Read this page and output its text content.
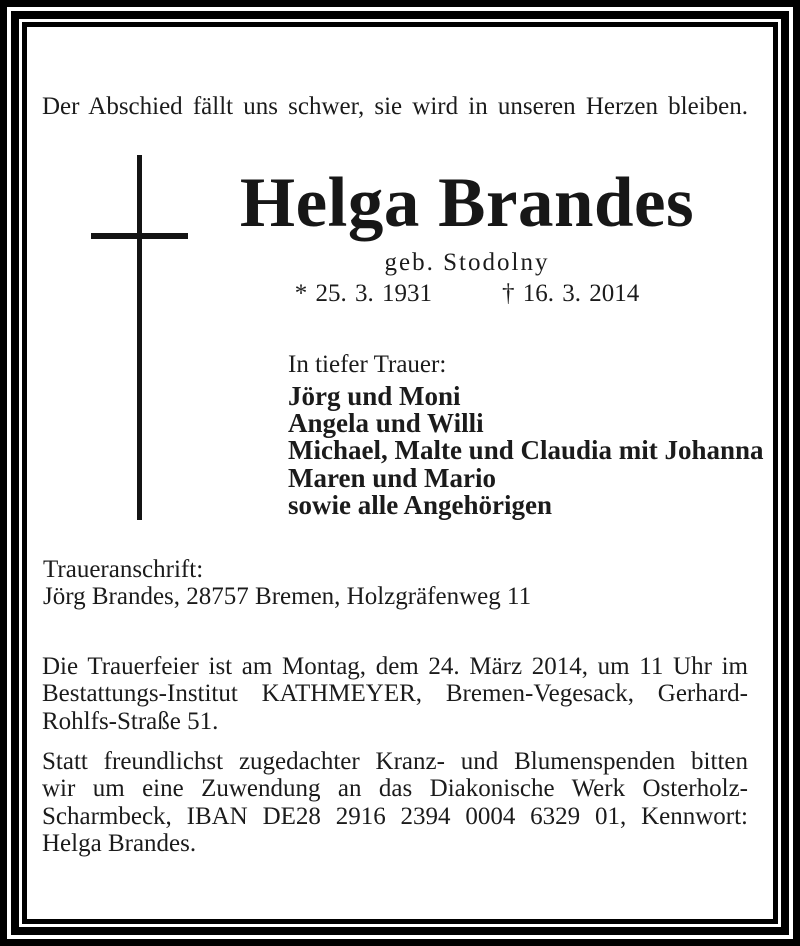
Der Abschied fällt uns schwer, sie wird in unseren Herzen bleiben.
Helga Brandes
geb. Stodolny
* 25. 3. 1931	† 16. 3. 2014
In tiefer Trauer:
Jörg und Moni
Angela und Willi
Michael, Malte und Claudia mit Johanna
Maren und Mario
sowie alle Angehörigen
Traueranschrift:
Jörg Brandes, 28757 Bremen, Holzgräfenweg 11
Die Trauerfeier ist am Montag, dem 24. März 2014, um 11 Uhr im
Bestattungs-Institut KATHMEYER, Bremen-Vegesack, Gerhard-
Rohlfs-Straße 51.
Statt freundlichst zugedachter Kranz- und Blumenspenden bitten
wir um eine Zuwendung an das Diakonische Werk Osterholz-
Scharmbeck, IBAN DE28 2916 2394 0004 6329 01, Kennwort:
Helga Brandes.
